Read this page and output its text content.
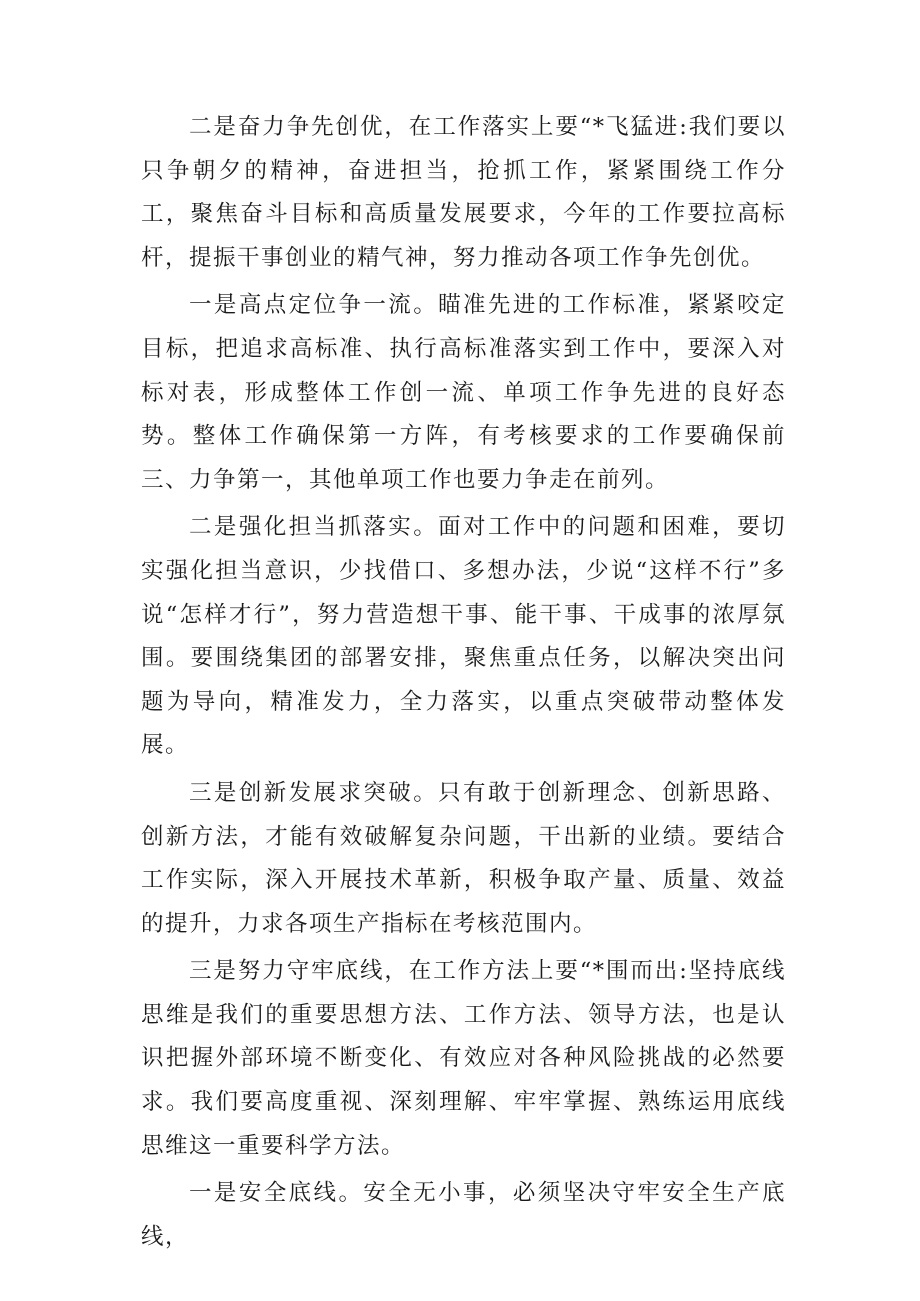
二是奋力争先创优，在工作落实上要“*飞猛进:我们要以只争朝夕的精神，奋进担当，抢抓工作，紧紧围绕工作分工，聚焦奋斗目标和高质量发展要求，今年的工作要拉高标杆，提振干事创业的精气神，努力推动各项工作争先创优。

一是高点定位争一流。瞄准先进的工作标准，紧紧咬定目标，把追求高标准、执行高标准落实到工作中，要深入对标对表，形成整体工作创一流、单项工作争先进的良好态势。整体工作确保第一方阵，有考核要求的工作要确保前三、力争第一，其他单项工作也要力争走在前列。

二是强化担当抓落实。面对工作中的问题和困难，要切实强化担当意识，少找借口、多想办法，少说“这样不行”多说“怎样才行”，努力营造想干事、能干事、干成事的浓厚氛围。要围绕集团的部署安排，聚焦重点任务，以解决突出问题为导向，精准发力，全力落实，以重点突破带动整体发展。

三是创新发展求突破。只有敢于创新理念、创新思路、创新方法，才能有效破解复杂问题，干出新的业绩。要结合工作实际，深入开展技术革新，积极争取产量、质量、效益的提升，力求各项生产指标在考核范围内。

三是努力守牢底线，在工作方法上要“*围而出:坚持底线思维是我们的重要思想方法、工作方法、领导方法，也是认识把握外部环境不断变化、有效应对各种风险挑战的必然要求。我们要高度重视、深刻理解、牢牢掌握、熟练运用底线思维这一重要科学方法。

一是安全底线。安全无小事，必须坚决守牢安全生产底线，
